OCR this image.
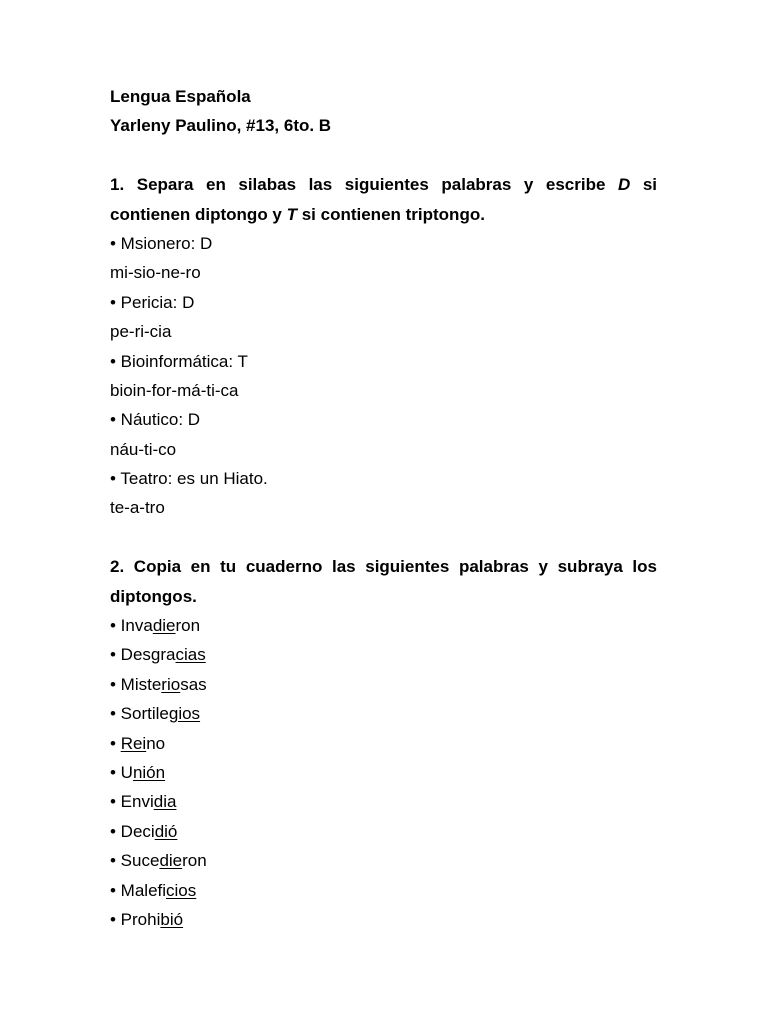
Lengua Española
Yarleny Paulino, #13, 6to. B
1. Separa en silabas las siguientes palabras y escribe D si
contienen diptongo y T si contienen triptongo.
• Msionero: D
mi-sio-ne-ro
• Pericia: D
pe-ri-cia
• Bioinformática: T
bioin-for-má-ti-ca
• Náutico: D
náu-ti-co
• Teatro: es un Hiato.
te-a-tro
2. Copia en tu cuaderno las siguientes palabras y subraya los
diptongos.
• Invadieron
• Desgracias
• Misteriosas
• Sortilegios
• Reino
• Unión
• Envidia
• Decidió
• Sucedieron
• Maleficios
• Prohibió
